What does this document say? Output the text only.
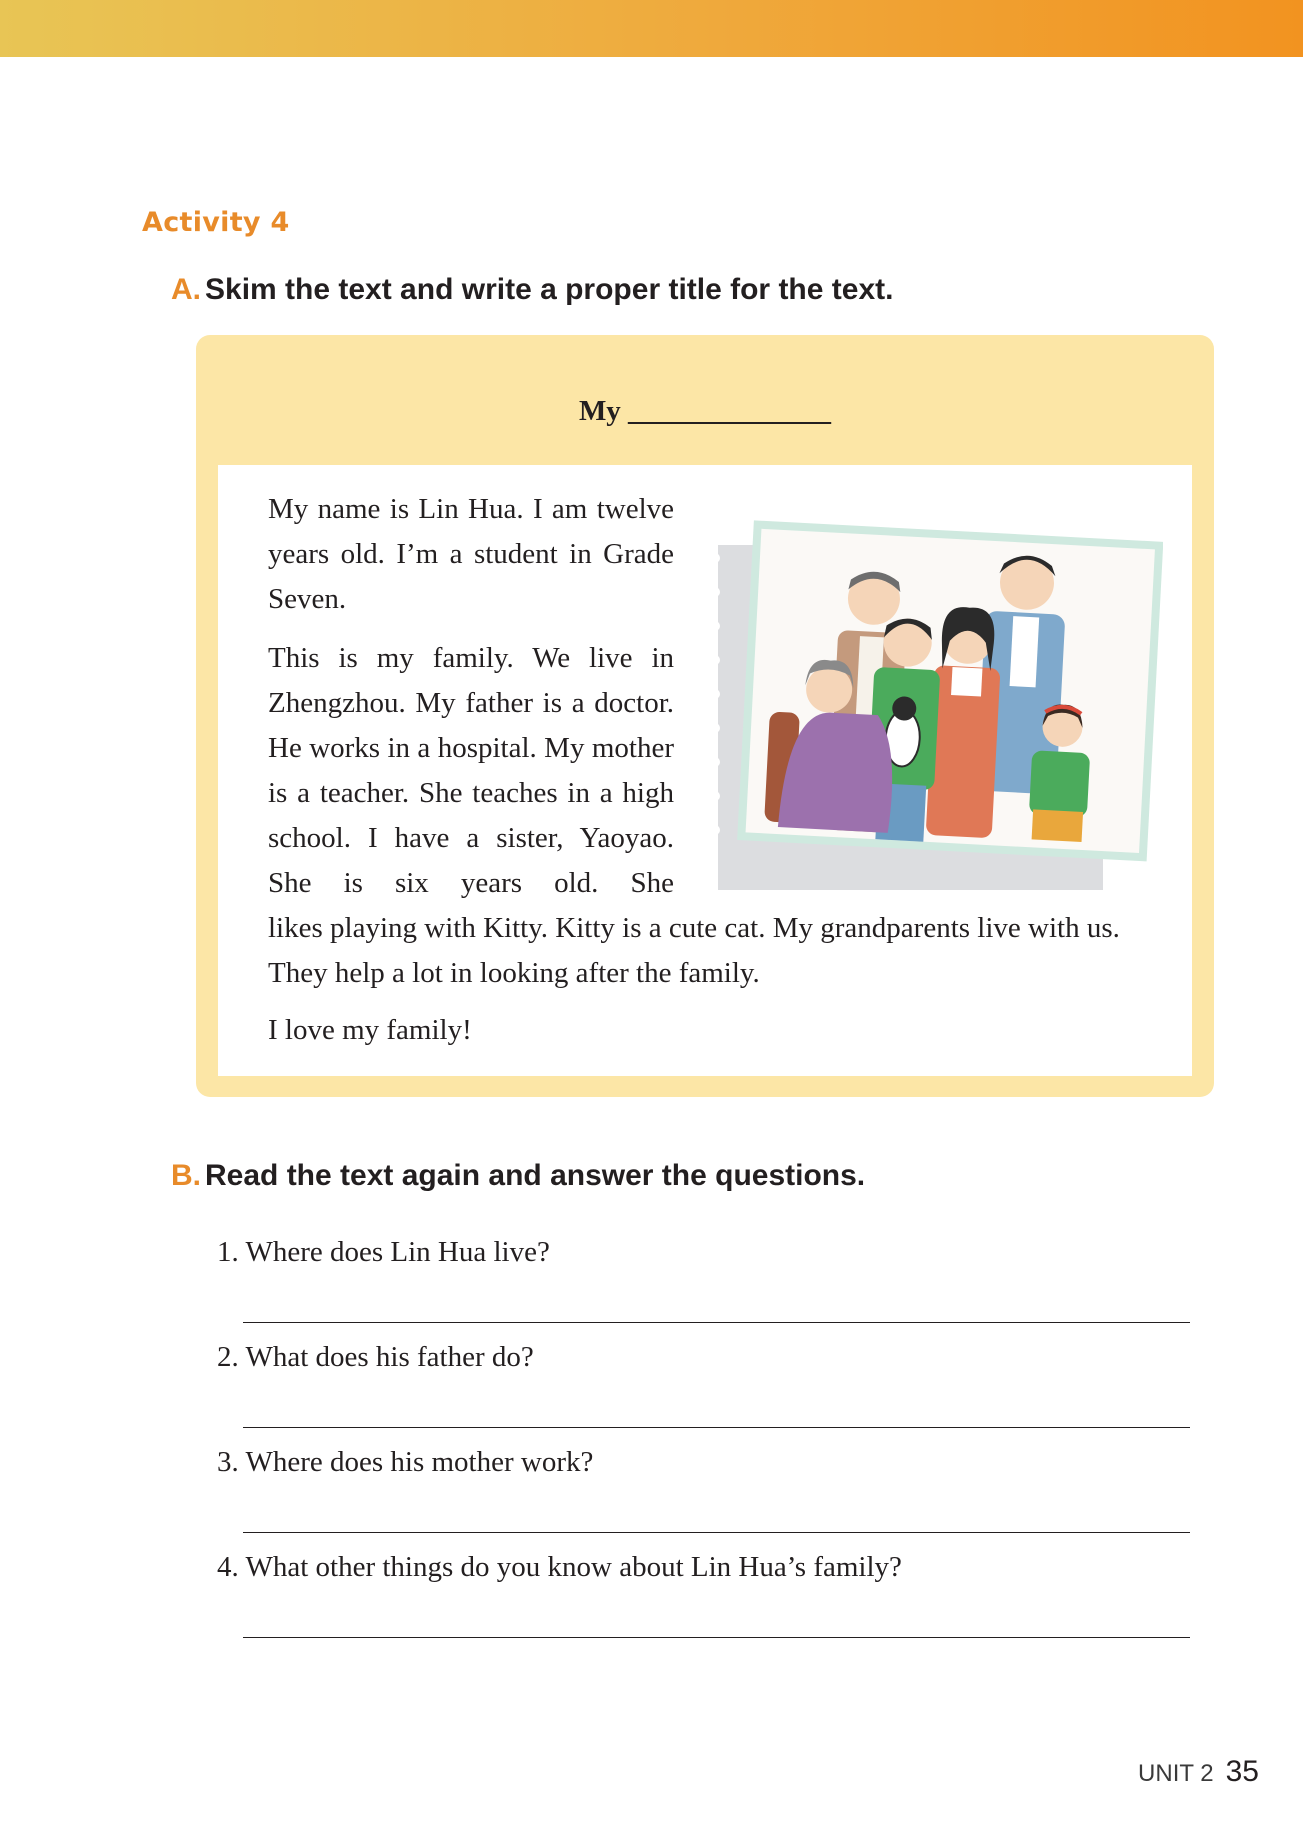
Activity 4
A. Skim the text and write a proper title for the text.
My ______________

My name is Lin Hua. I am twelve years old. I’m a student in Grade Seven.

This is my family. We live in Zhengzhou. My father is a doctor. He works in a hospital. My mother is a teacher. She teaches in a high school. I have a sister, Yaoyao. She is six years old. She

likes playing with Kitty. Kitty is a cute cat. My grandparents live with us. They help a lot in looking after the family.

I love my family!

B. Read the text again and answer the questions.
1. Where does Lin Hua live?
2. What does his father do?
3. Where does his mother work?
4. What other things do you know about Lin Hua’s family?
UNIT 2 35
